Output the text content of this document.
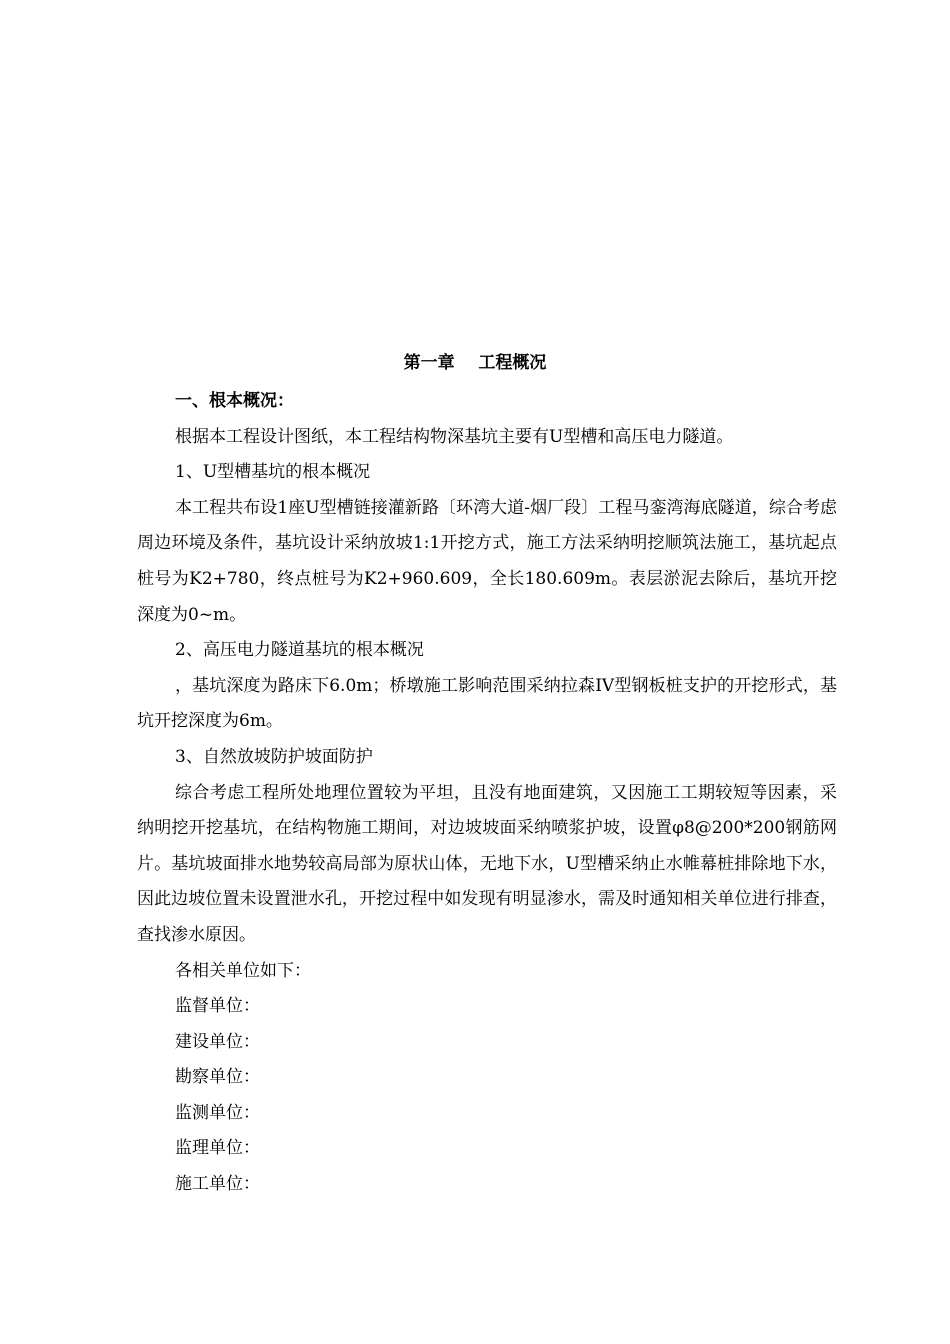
第一章    工程概况

一、根本概况：

根据本工程设计图纸，本工程结构物深基坑主要有U型槽和高压电力隧道。

1、U型槽基坑的根本概况

本工程共布设1座U型槽链接灌新路〔环湾大道-烟厂段〕工程马銮湾海底隧道，综合考虑周边环境及条件，基坑设计采纳放坡1:1开挖方式，施工方法采纳明挖顺筑法施工，基坑起点桩号为K2+780，终点桩号为K2+960.609，全长180.609m。表层淤泥去除后，基坑开挖深度为0~m。

2、高压电力隧道基坑的根本概况

，基坑深度为路床下6.0m；桥墩施工影响范围采纳拉森IV型钢板桩支护的开挖形式，基坑开挖深度为6m。

3、自然放坡防护坡面防护

综合考虑工程所处地理位置较为平坦，且没有地面建筑，又因施工工期较短等因素，采纳明挖开挖基坑，在结构物施工期间，对边坡坡面采纳喷浆护坡，设置φ8@200*200钢筋网片。基坑坡面排水地势较高局部为原状山体，无地下水，U型槽采纳止水帷幕桩排除地下水，因此边坡位置未设置泄水孔，开挖过程中如发现有明显渗水，需及时通知相关单位进行排查，查找渗水原因。

各相关单位如下：

监督单位：

建设单位：

勘察单位：

监测单位：

监理单位：

施工单位：
